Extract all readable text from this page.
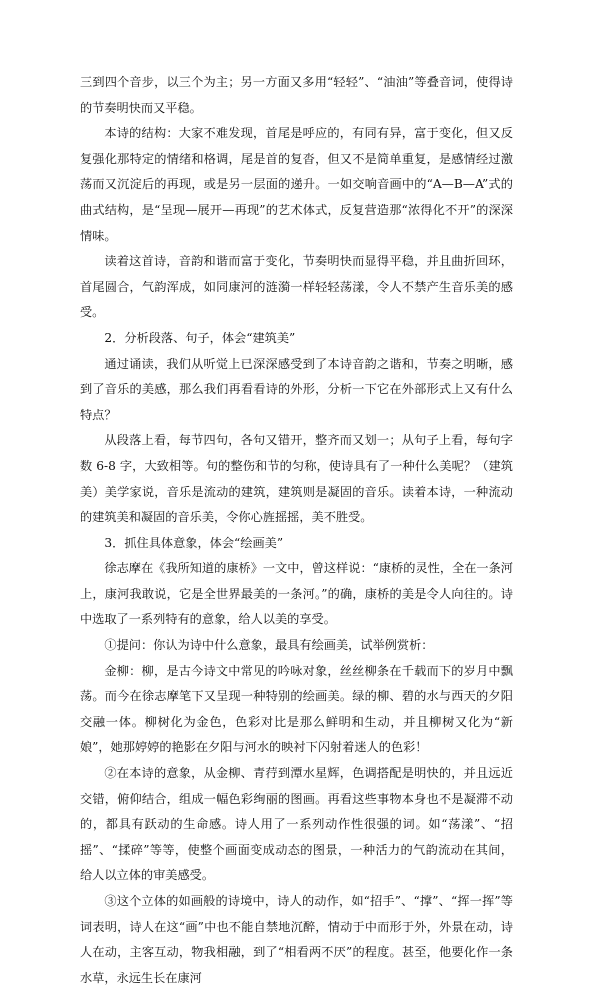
三到四个音步，以三个为主；另一方面又多用“轻轻”、“油油”等叠音词，使得诗的节奏明快而又平稳。

本诗的结构：大家不难发现，首尾是呼应的，有同有异，富于变化，但又反复强化那特定的情绪和格调，尾是首的复沓，但又不是简单重复，是感情经过激荡而又沉淀后的再现，或是另一层面的递升。一如交响音画中的“A—B—A”式的曲式结构，是“呈现—展开—再现”的艺术体式，反复营造那“浓得化不开”的深深情味。

读着这首诗，音韵和谐而富于变化，节奏明快而显得平稳，并且曲折回环，首尾圆合，气韵浑成，如同康河的涟漪一样轻轻荡漾，令人不禁产生音乐美的感受。

2．分析段落、句子，体会“建筑美”

通过诵读，我们从听觉上已深深感受到了本诗音韵之谐和，节奏之明晰，感到了音乐的美感，那么我们再看看诗的外形，分析一下它在外部形式上又有什么特点？

从段落上看，每节四句，各句又错开，整齐而又划一；从句子上看，每句字数 6-8 字，大致相等。句的整伤和节的匀称，使诗具有了一种什么美呢？（建筑美）美学家说，音乐是流动的建筑，建筑则是凝固的音乐。读着本诗，一种流动的建筑美和凝固的音乐美，令你心旌摇摇，美不胜受。

3．抓住具体意象，体会“绘画美”

徐志摩在《我所知道的康桥》一文中，曾这样说：“康桥的灵性，全在一条河上，康河我敢说，它是全世界最美的一条河。”的确，康桥的美是令人向往的。诗中选取了一系列特有的意象，给人以美的享受。

①提问：你认为诗中什么意象，最具有绘画美，试举例赏析：

金柳：柳，是古今诗文中常见的吟咏对象，丝丝柳条在千载而下的岁月中飘荡。而今在徐志摩笔下又呈现一种特别的绘画美。绿的柳、碧的水与西天的夕阳交融一体。柳树化为金色，色彩对比是那么鲜明和生动，并且柳树又化为“新娘”，她那婷婷的艳影在夕阳与河水的映衬下闪射着迷人的色彩！

②在本诗的意象，从金柳、青荇到潭水星辉，色调搭配是明快的，并且远近交错，俯仰结合，组成一幅色彩绚丽的图画。再看这些事物本身也不是凝滞不动的，都具有跃动的生命感。诗人用了一系列动作性很强的词。如“荡漾”、“招摇”、“揉碎”等等，使整个画面变成动态的图景，一种活力的气韵流动在其间，给人以立体的审美感受。

③这个立体的如画般的诗境中，诗人的动作，如“招手”、“撑”、“挥一挥”等词表明，诗人在这“画”中也不能自禁地沉醉，情动于中而形于外，外景在动，诗人在动，主客互动，物我相融，到了“相看两不厌”的程度。甚至，他要化作一条水草，永远生长在康河
